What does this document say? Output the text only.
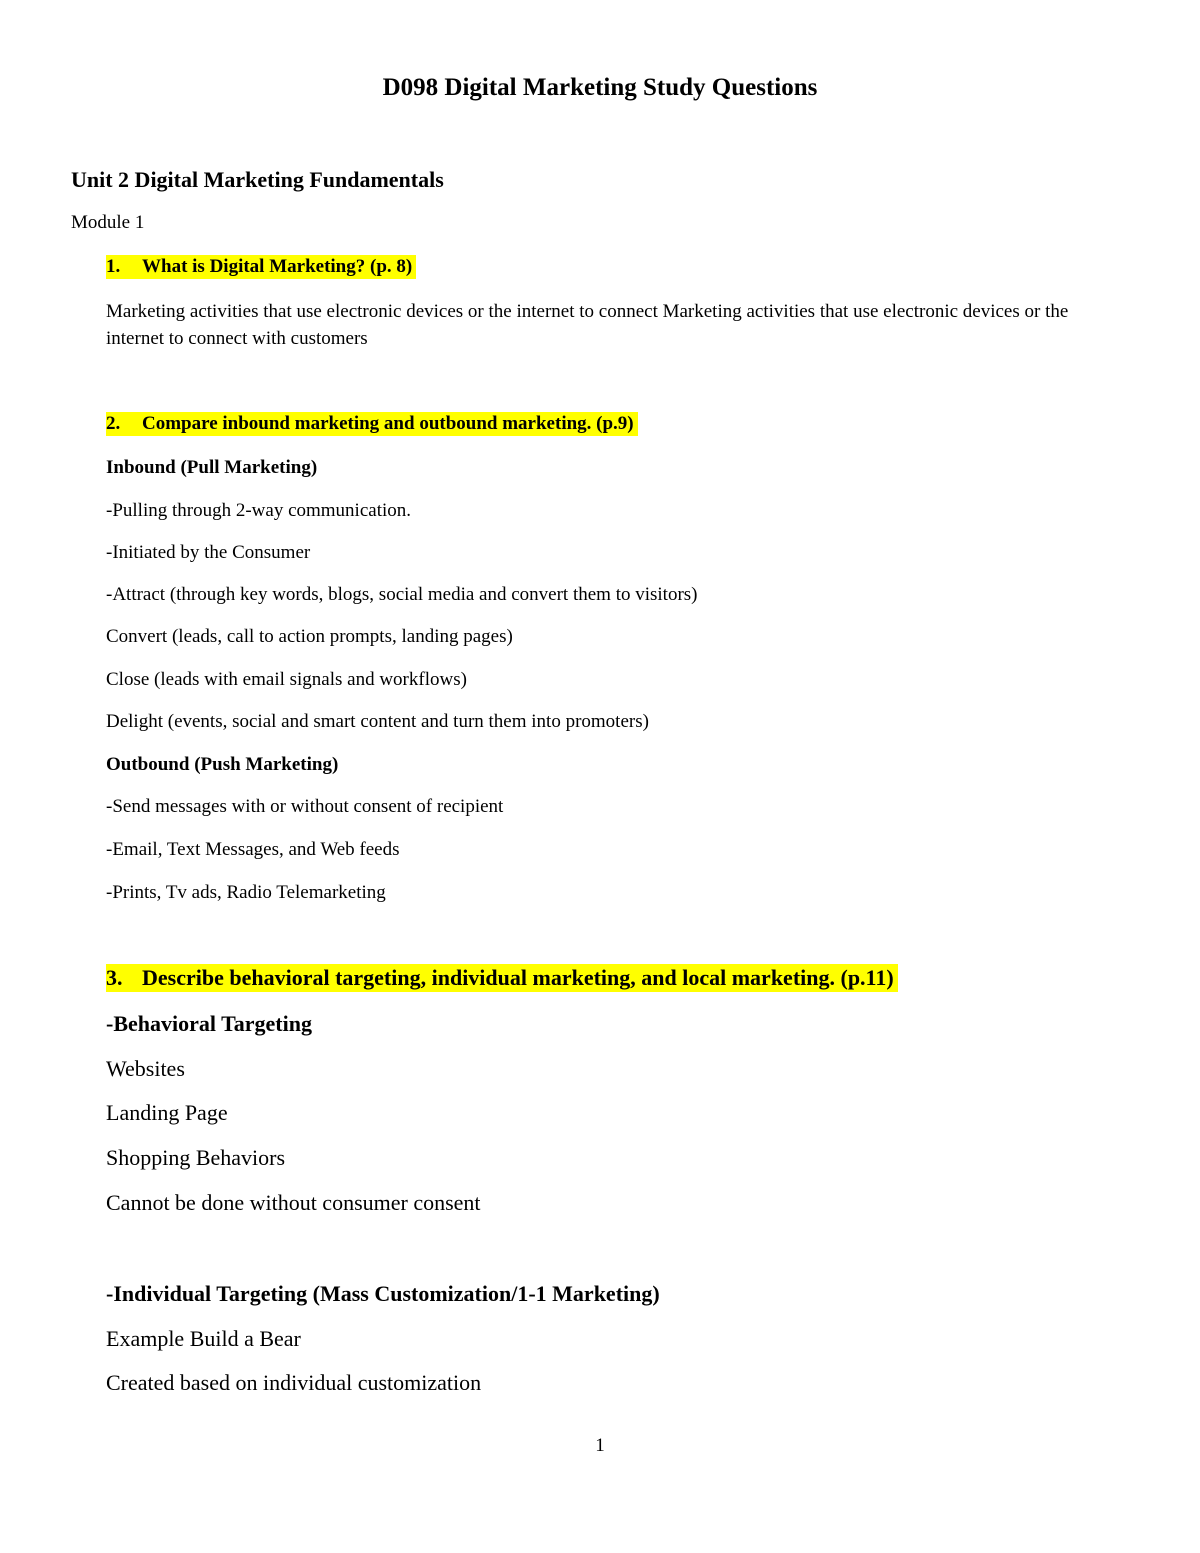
D098 Digital Marketing Study Questions
Unit 2 Digital Marketing Fundamentals
Module 1
1. What is Digital Marketing? (p. 8)
Marketing activities that use electronic devices or the internet to connect Marketing activities that use electronic devices or the internet to connect with customers
2. Compare inbound marketing and outbound marketing. (p.9)
Inbound (Pull Marketing)
-Pulling through 2-way communication.
-Initiated by the Consumer
-Attract (through key words, blogs, social media and convert them to visitors)
Convert (leads, call to action prompts, landing pages)
Close (leads with email signals and workflows)
Delight (events, social and smart content and turn them into promoters)
Outbound (Push Marketing)
-Send messages with or without consent of recipient
-Email, Text Messages, and Web feeds
-Prints, Tv ads, Radio Telemarketing
3. Describe behavioral targeting, individual marketing, and local marketing. (p.11)
-Behavioral Targeting
Websites
Landing Page
Shopping Behaviors
Cannot be done without consumer consent
-Individual Targeting (Mass Customization/1-1 Marketing)
Example Build a Bear
Created based on individual customization
1
